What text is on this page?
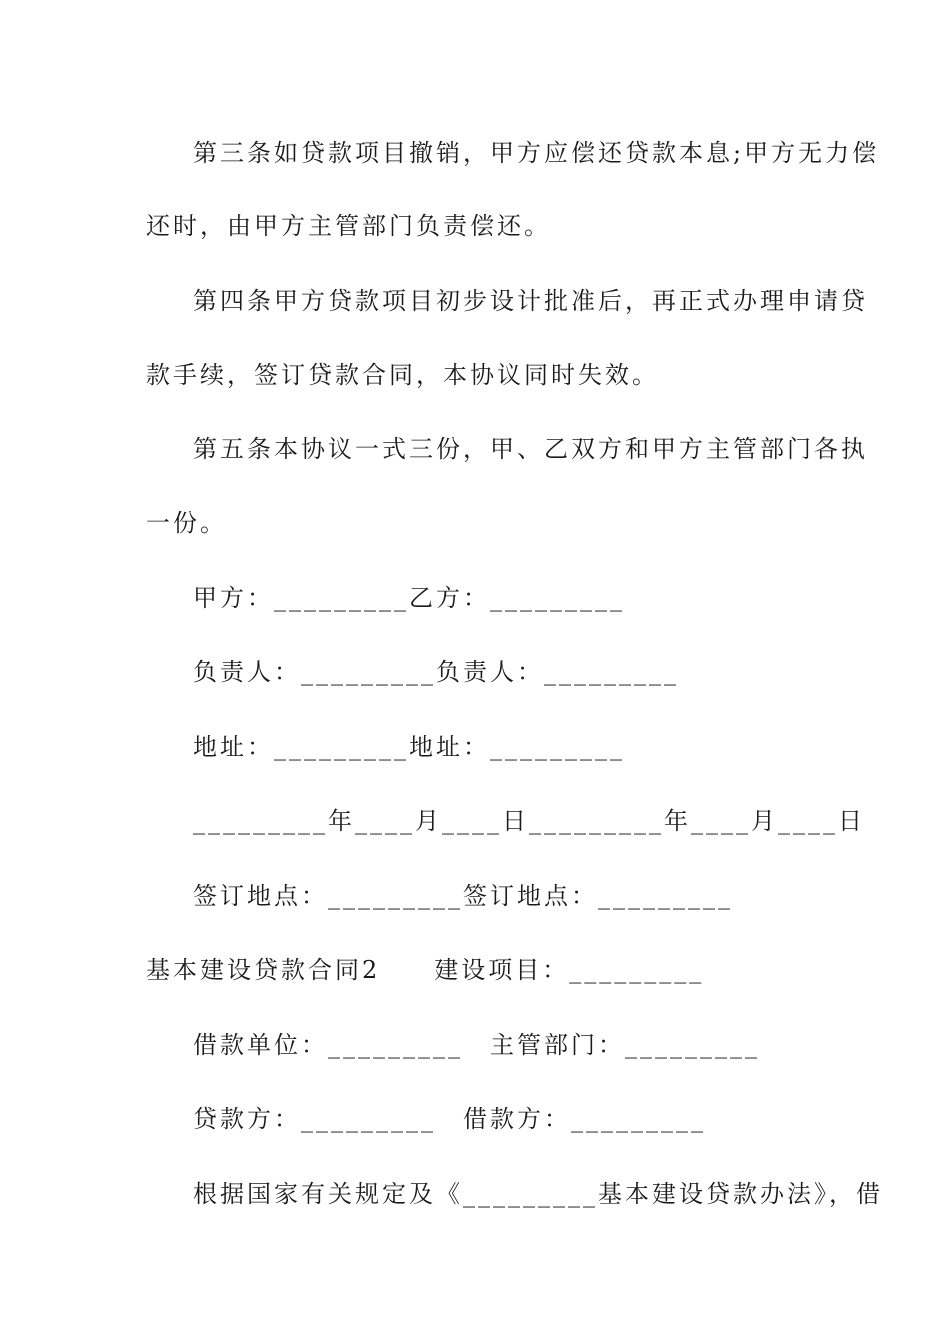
第三条如贷款项目撤销，甲方应偿还贷款本息;甲方无力偿
还时，由甲方主管部门负责偿还。
第四条甲方贷款项目初步设计批准后，再正式办理申请贷
款手续，签订贷款合同，本协议同时失效。
第五条本协议一式三份，甲、乙双方和甲方主管部门各执
一份。
甲方：_________乙方：_________
负责人：_________负责人：_________
地址：_________地址：_________
_________年____月____日_________年____月____日
签订地点：_________签订地点：_________
基本建设贷款合同2　　建设项目：_________
借款单位：_________　主管部门：_________
贷款方：_________　借款方：_________
根据国家有关规定及《_________基本建设贷款办法》，借
